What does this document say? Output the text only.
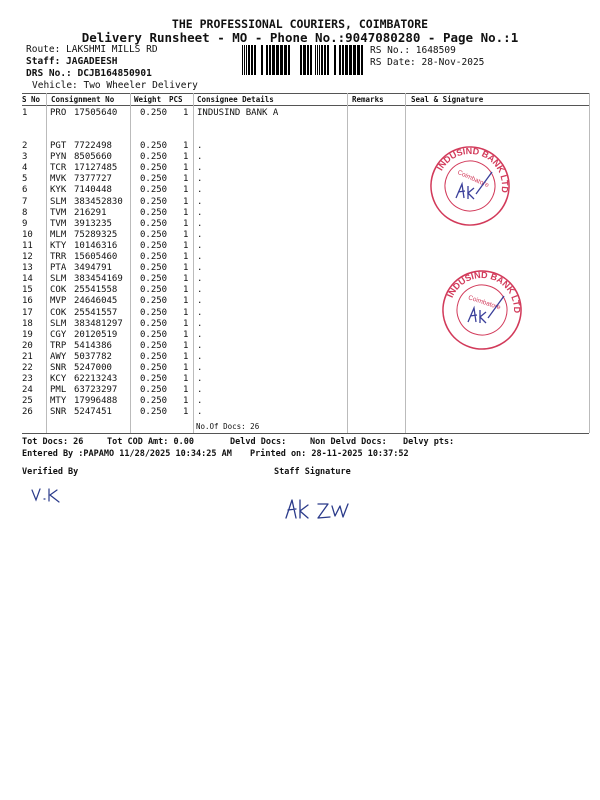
THE PROFESSIONAL COURIERS, COIMBATORE
Delivery Runsheet - MO - Phone No.:9047080280 - Page No.:1
Route: LAKSHMI MILLS RD
Staff: JAGADEESH
DRS No.: DCJB164850901
Vehicle: Two Wheeler Delivery
RS No.: 1648509
RS Date: 28-Nov-2025
S No Consignment No	Weight PCS Consignee Details	Remarks	Seal & Signature
1	PRO 17505640	0.250 1 INDUSIND BANK A
2	PGT 7722498	0.250 1 .
3	PYN 8505660	0.250 1 .
4	TCR 17127485	0.250 1 .
5	MVK 7377727	0.250 1 .
6	KYK 7140448	0.250 1 .
7	SLM 383452830 0.250 1 .
8	TVM 216291	0.250 1 .
9	TVM 3913235	0.250 1 .
10 MLM 75289325	0.250 1 .
11 KTY 10146316	0.250 1 .
12 TRR 15605460	0.250 1 .
13 PTA 3494791	0.250 1 .
14 SLM 383454169 0.250 1 .
15 COK 25541558	0.250 1 .
16 MVP 24646045	0.250 1 .
17 COK 25541557	0.250 1 .
18 SLM 383481297 0.250 1 .
19 CGY 20120519	0.250 1 .
20 TRP 5414386	0.250 1 .
21 AWY 5037782	0.250 1 .
22 SNR 5247000	0.250 1 .
23 KCY 62213243	0.250 1 .
24 PML 63723297	0.250 1 .
25 MTY 17996488	0.250 1 .
26 SNR 5247451	0.250 1 .
No.Of Docs: 26
INDUSIND BANK LTD
Coimbatore
INDUSIND BANK LTD
Coimbatore
Tot Docs: 26	Tot COD Amt: 0.00	Delvd Docs:	Non Delvd Docs: Delvy pts:
Entered By :PAPAMO 11/28/2025 10:34:25 AM Printed on: 28-11-2025 10:37:52
Verified By	Staff Signature
